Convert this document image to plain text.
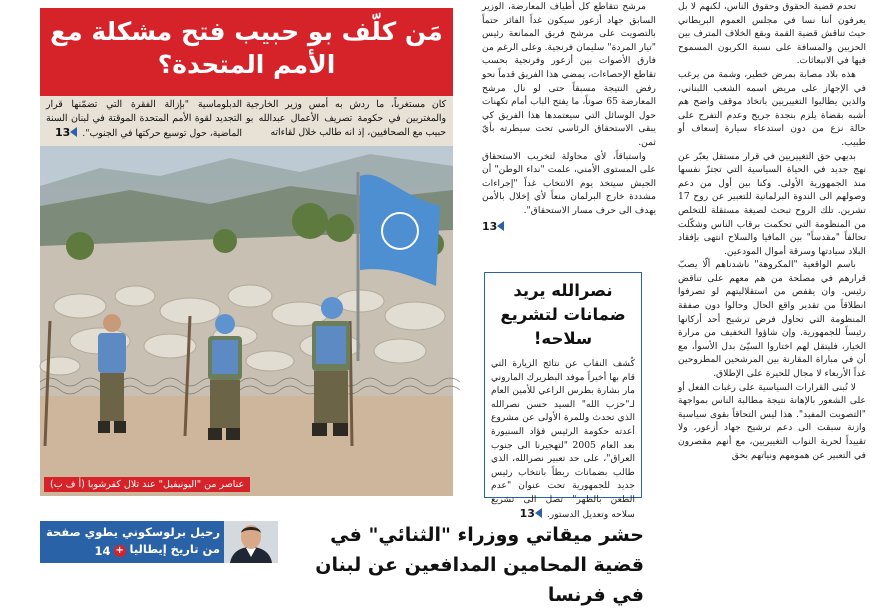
تحدم قضية الحقوق وحقوق الناس، لكنهم لا بل يعرفون أننا نسا في مجلس العموم البريطاني حيث تناقش قضية القمة وبقع الخلاف المترف بين الحزبين والمسافة على نسبة الكربون المسموح فيها في الانبعاثات.

هذه بلاد مصابة بمرض خطير، وشمة من يرغب في الإجهاز على مريض اسمه الشعب اللبناني، والذين يطالبوا التغييريين باتخاذ موقف واضح هم أشبه بقضاة يلزم بنجدة جريح وعدم التفرج على حالة نزع من دون استدعاء سيارة إسعاف أو طبيب.

بديهي حق التغييريين في قرار مستقل يعبّر عن نهج جديد في الحياة السياسية التي تجتزّ نفسها منذ الجمهورية الأولى. وكنا بين أول من دعم وصولهم الى الندوة البرلمانية للتعبير عن روح 17 تشرين. تلك الروح تبحث لصيغة مستقلة للتخلص من المنظومة التي تحكمت برقاب الناس وشكّلت تحالفاً "مقدساً" بين المافيا والسلاح انتهى بإفقاد البلاد سيادتها وسرقة أموال المودعين.

باسم الواقعية "المكروهة" ناشدناهم ألّا يصبّ قرارهم في مصلحة من هم معهم على تناقض رئيس. وان يقفص من استقلاليتهم لو تصرفوا انطلاقاً من تقدير واقع الحال وحالوا دون صفقة المنظومة التي تحاول فرض ترشيح أحد أركانها رئيساً للجمهورية. وإن شاؤوا التخفيف من مرارة الخيار، فليتقل لهم اختاروا السيّئ بدل الأسوأ، مع أن في مباراة المقارنة بين المرشحين المطروحين غداً الأربعاء لا مجال للحيرة على الإطلاق.

لا تُبنى القرارات السياسية على رغبات الفعل أو على الشعور بالإهانة نتيجة مطالبة الناس بمواجهة "التصويت المفيد". هذا ليس التحاقاً بقوى سياسية وازنة سبقت الى دعم ترشيح جهاد أزعور، ولا تقييداً لحرية النواب التغييريين، مع أنهم مقصرون في التعبير عن همومهم ونياتهم بحق

مرشح تتقاطع كل أطياف المعارضة، الوزير السابق جهاد أزعور سيكون غداً الفائز حتماً بالتصويت على مرشح فريق الممانعة رئيس "تيار المردة" سليمان فرنجية. وعلى الرغم من فارق الأصوات بين أزعور وفرنجية بحسب تقاطع الإحصاءات، يمضي هذا الفريق قدماً نحو رفض النتيجة مسبقاً حتى لو نال مرشح المعارضة 65 صوتاً، ما يفتح الباب أمام تكهنات حول الوسائل التي سيعتمدها هذا الفريق كي يبقى الاستحقاق الرئاسي تحت سيطرته بأيّ ثمن.

واستباقاً، لأي محاولة لتخريب الاستحقاق على المستوى الأمني، علمت "نداء الوطن" أن الجيش سيتخذ يوم الانتخاب غداً "إجراءات مشددة خارج البرلمان منعاً لأي إخلال بالأمن يهدف الى حرف مسار الاستحقاق".

13
مَن كلّف بو حبيب فتح مشكلة مع الأمم المتحدة؟

كان مستغرباً، ما ردش به أمس وزير الخارجية والمغتربين في حكومة تصريف الأعمال عبدالله بو حبيب مع الصحافيين، إذ انه طالب خلال لقاءاته

الدبلوماسية "بإزالة الفقرة التي تضمّنها قرار التجديد لقوة الأمم المتحدة الموقتة في لبنان السنة الماضية، حول توسيع حركتها في الجنوب". 13
عناصر من "اليونيفيل" عند تلال كفرشوبا (أ ف ب)
نصرالله يريد ضمانات لتشريع سلاحه!

كُشف النقاب عن نتائج الزيارة التي قام بها أخيراً موفد البطريرك الماروني مار بشارة بطرس الراعي للأمين العام لـ"حزب الله" السيد حسن نصرالله الذي تحدث وللمرة الأولى عن مشروع أعدته حكومة الرئيس فؤاد السنيورة بعد العام 2005 "لتهجيرنا الى جنوب العراق"، على حد تعبير نصرالله، الذي طالب بضمانات ربطاً بانتخاب رئيس جديد للجمهورية تحت عنوان "عدم الطعن بالظهر" تصل الى تشريع سلاحه وتعديل الدستور. 13

رحيل برلوسكوني يطوي صفحة من تاريخ إيطاليا
+
14
حشر ميقاتي ووزراء "الثنائي" في قضية المحامين المدافعين عن لبنان في فرنسا
